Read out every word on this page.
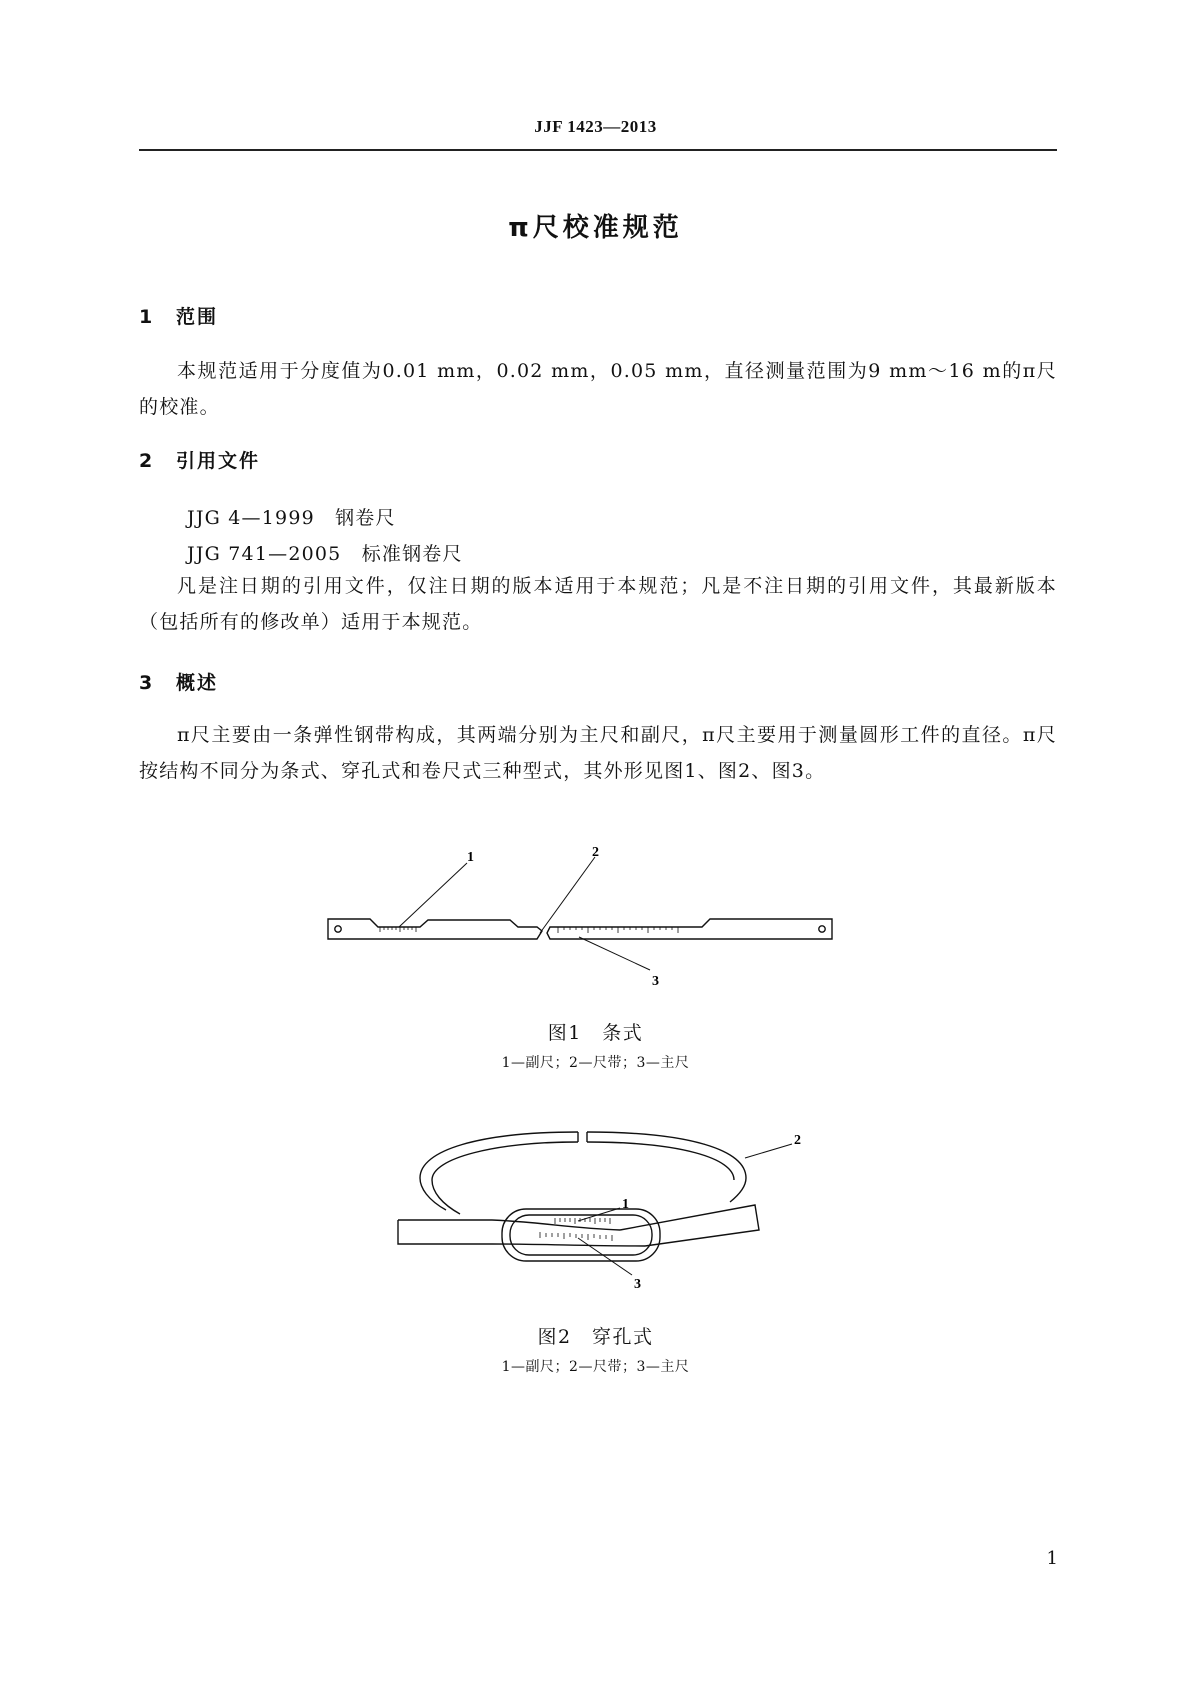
JJF 1423—2013
π尺校准规范
1 范围
本规范适用于分度值为0.01 mm，0.02 mm，0.05 mm，直径测量范围为9 mm～16 m的π尺的校准。
2 引用文件
JJG 4—1999　 钢卷尺
JJG 741—2005　 标准钢卷尺
凡是注日期的引用文件，仅注日期的版本适用于本规范；凡是不注日期的引用文件，其最新版本（包括所有的修改单）适用于本规范。
3 概述
π尺主要由一条弹性钢带构成，其两端分别为主尺和副尺，π尺主要用于测量圆形工件的直径。π尺按结构不同分为条式、穿孔式和卷尺式三种型式，其外形见图1、图2、图3。
1	2
3
图1　条式
1—副尺；2—尺带；3—主尺
1
2
3
图2　穿孔式
1—副尺；2—尺带；3—主尺
1
